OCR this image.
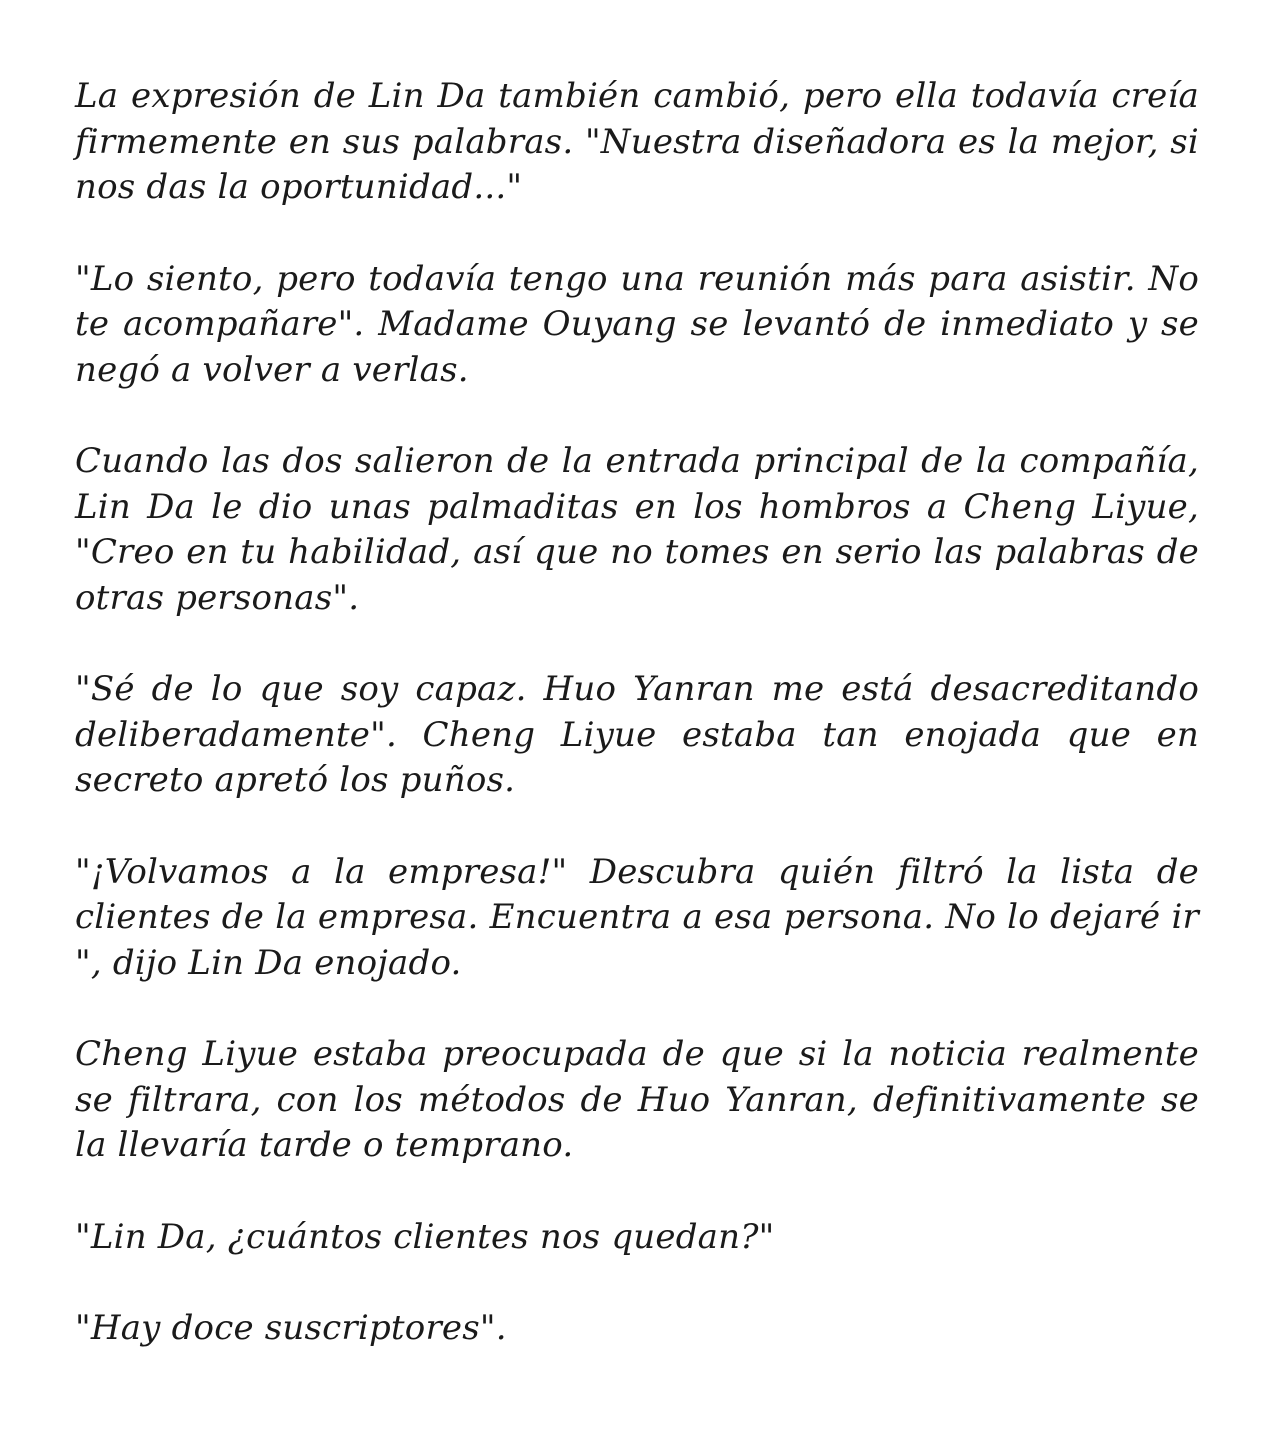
La expresión de Lin Da también cambió, pero ella todavía creía firmemente en sus palabras. "Nuestra diseñadora es la mejor, si nos das la oportunidad..."

"Lo siento, pero todavía tengo una reunión más para asistir. No te acompañare". Madame Ouyang se levantó de inmediato y se negó a volver a verlas.

Cuando las dos salieron de la entrada principal de la compañía, Lin Da le dio unas palmaditas en los hombros a Cheng Liyue, "Creo en tu habilidad, así que no tomes en serio las palabras de otras personas".

"Sé de lo que soy capaz. Huo Yanran me está desacreditando deliberadamente". Cheng Liyue estaba tan enojada que en secreto apretó los puños.

"¡Volvamos a la empresa!" Descubra quién filtró la lista de clientes de la empresa. Encuentra a esa persona. No lo dejaré ir ", dijo Lin Da enojado.

Cheng Liyue estaba preocupada de que si la noticia realmente se filtrara, con los métodos de Huo Yanran, definitivamente se la llevaría tarde o temprano.

"Lin Da, ¿cuántos clientes nos quedan?"

"Hay doce suscriptores".
